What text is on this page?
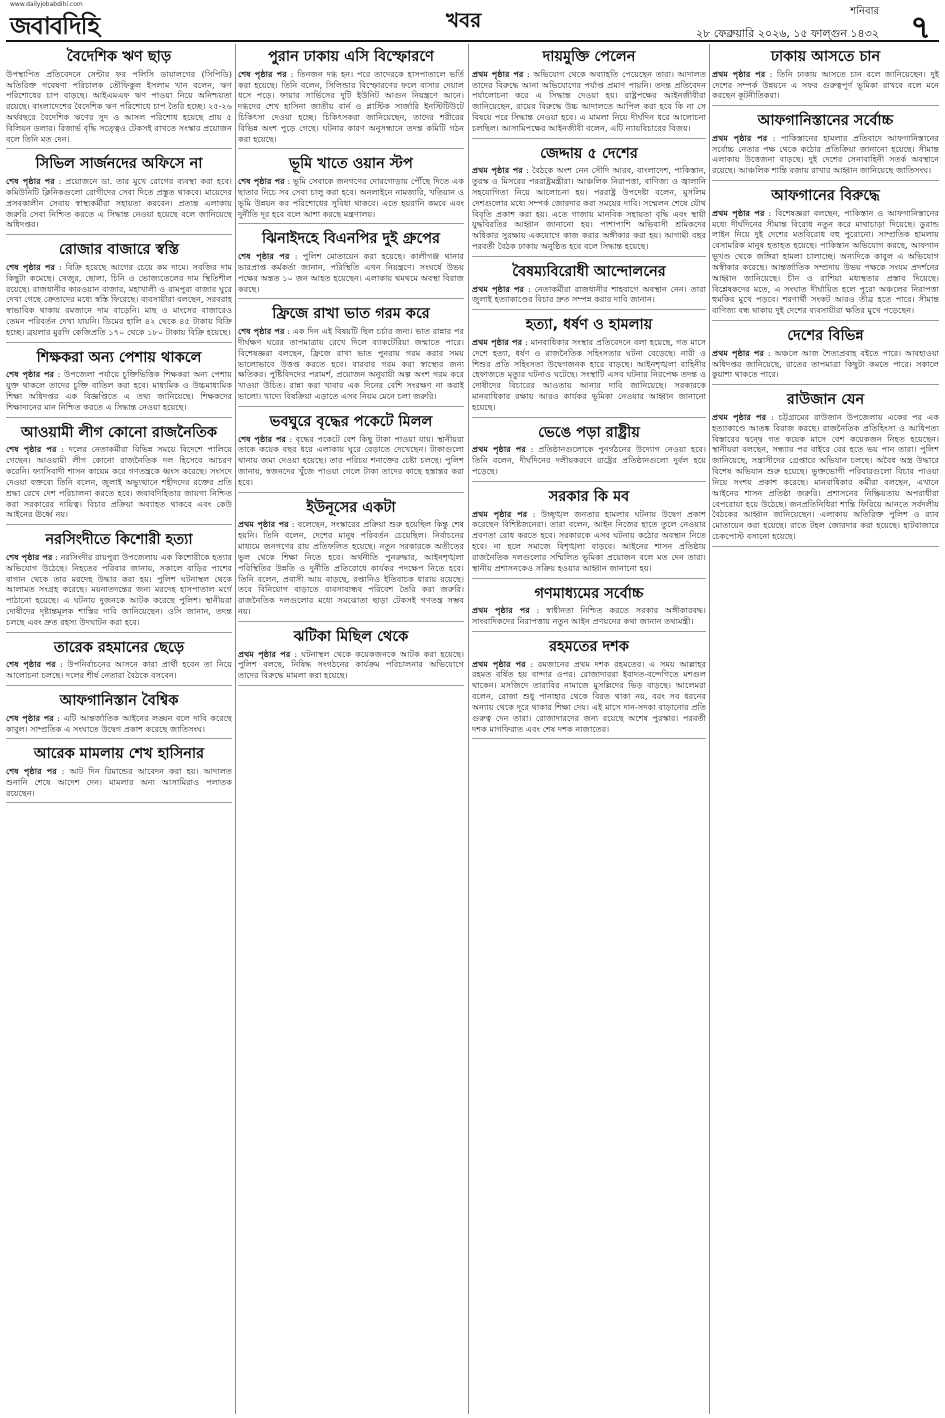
www.dailyjobabdihi.com
জবাবদিহি	খবর	শনিবার
২৮ ফেব্রুয়ারি ২০২৬, ১৫ ফাল্গুন ১৪৩২ ৭
বৈদেশিক ঋণ ছাড়
উপস্থাপিত প্রতিবেদনে সেন্টার ফর পলিসি ডায়ালগের (সিপিডি) অতিরিক্ত গবেষণা পরিচালক তৌফিকুল ইসলাম খান বলেন, ঋণ পরিশোধের চাপ বাড়ছে। আইএমএফ ঋণ পাওয়া নিয়ে অনিশ্চয়তা রয়েছে। বাংলাদেশের বৈদেশিক ঋণ পরিশোধে চাপ তৈরি হচ্ছে। ২৫-২৬ অর্থবছরে বৈদেশিক ঋণের সুদ ও আসল পরিশোধ হয়েছে প্রায় ৫ বিলিয়ন ডলার। রিজার্ভ বৃদ্ধি সত্ত্বেও টেকসই রাখতে সংস্কার প্রয়োজন বলে তিনি মত দেন।
সিভিল সার্জনদের অফিসে না
শেষ পৃষ্ঠার পর : প্রয়োজনে ডা. তার মুখে রোগের ব্যবস্থা করা হবে। কমিউনিটি ক্লিনিকগুলো রোগীদের সেবা দিতে প্রস্তুত থাকবে। মায়েদের প্রসবকালীন সেবায় স্বাস্থ্যকর্মীরা সহায়তা করবেন। প্রত্যন্ত এলাকায় জরুরি সেবা নিশ্চিত করতে এ সিদ্ধান্ত নেওয়া হয়েছে বলে জানিয়েছে অধিদপ্তর।
রোজার বাজারে স্বস্তি
শেষ পৃষ্ঠার পর : বিক্রি হয়েছে আগের চেয়ে কম দামে। সবজির দাম কিছুটা কমেছে। খেজুর, ছোলা, চিনি ও ভোজ্যতেলের দাম স্থিতিশীল রয়েছে। রাজধানীর কারওয়ান বাজার, মহাখালী ও রামপুরা বাজার ঘুরে দেখা গেছে ক্রেতাদের মধ্যে স্বস্তি ফিরেছে। ব্যবসায়ীরা বলছেন, সরবরাহ স্বাভাবিক থাকায় রমজানে দাম বাড়েনি। মাছ ও মাংসের বাজারেও তেমন পরিবর্তন দেখা যায়নি। ডিমের হালি ৪২ থেকে ৪৫ টাকায় বিক্রি হচ্ছে। ব্রয়লার মুরগি কেজিপ্রতি ১৭০ থেকে ১৮০ টাকায় বিক্রি হয়েছে।
শিক্ষকরা অন্য পেশায় থাকলে
শেষ পৃষ্ঠার পর : উপজেলা পর্যায়ে চুক্তিভিত্তিক শিক্ষকরা অন্য পেশায় যুক্ত থাকলে তাদের চুক্তি বাতিল করা হবে। মাধ্যমিক ও উচ্চমাধ্যমিক শিক্ষা অধিদপ্তর এক বিজ্ঞপ্তিতে এ তথ্য জানিয়েছে। শিক্ষকদের শিক্ষাদানের মান নিশ্চিত করতে এ সিদ্ধান্ত নেওয়া হয়েছে।
আওয়ামী লীগ কোনো রাজনৈতিক
শেষ পৃষ্ঠার পর : দলের নেতাকর্মীরা বিভিন্ন সময়ে বিদেশে পালিয়ে গেছেন। আওয়ামী লীগ কোনো রাজনৈতিক দল হিসেবে আচরণ করেনি। ফ্যাসিবাদী শাসন কায়েম করে গণতন্ত্রকে ধ্বংস করেছে। সংসদে দেওয়া বক্তব্যে তিনি বলেন, জুলাই অভ্যুত্থানে শহীদদের রক্তের প্রতি শ্রদ্ধা রেখে দেশ পরিচালনা করতে হবে। জবাবদিহিতার জায়গা নিশ্চিত করা সরকারের দায়িত্ব। বিচার প্রক্রিয়া অব্যাহত থাকবে এবং কেউ আইনের ঊর্ধ্বে নয়।
নরসিংদীতে কিশোরী হত্যা
শেষ পৃষ্ঠার পর : নরসিংদীর রায়পুরা উপজেলায় এক কিশোরীকে হত্যার অভিযোগ উঠেছে। নিহতের পরিবার জানায়, সকালে বাড়ির পাশের বাগান থেকে তার মরদেহ উদ্ধার করা হয়। পুলিশ ঘটনাস্থল থেকে আলামত সংগ্রহ করেছে। ময়নাতদন্তের জন্য মরদেহ হাসপাতাল মর্গে পাঠানো হয়েছে। এ ঘটনায় দুজনকে আটক করেছে পুলিশ। স্থানীয়রা দোষীদের দৃষ্টান্তমূলক শাস্তির দাবি জানিয়েছেন। ওসি জানান, তদন্ত চলছে এবং দ্রুত রহস্য উদঘাটন করা হবে।
তারেক রহমানের ছেড়ে
শেষ পৃষ্ঠার পর : উপনির্বাচনের আসনে কারা প্রার্থী হবেন তা নিয়ে আলোচনা চলছে। দলের শীর্ষ নেতারা বৈঠকে বসবেন।
আফগানিস্তান বৈশ্বিক
শেষ পৃষ্ঠার পর : এটি আন্তর্জাতিক আইনের লঙ্ঘন বলে দাবি করেছে কাবুল। সাম্প্রতিক এ সংঘাতে উদ্বেগ প্রকাশ করেছে জাতিসংঘ।
আরেক মামলায় শেখ হাসিনার
শেষ পৃষ্ঠার পর : আট দিন রিমান্ডের আবেদন করা হয়। আদালত শুনানি শেষে আদেশ দেন। মামলার অন্য আসামিরাও পলাতক রয়েছেন।
পুরান ঢাকায় এসি বিস্ফোরণে
শেষ পৃষ্ঠার পর : তিনজন দগ্ধ হন। পরে তাদেরকে হাসপাতালে ভর্তি করা হয়েছে। তিনি বলেন, সিলিন্ডার বিস্ফোরণের ফলে বাসার দেয়াল ধসে পড়ে। ফায়ার সার্ভিসের দুটি ইউনিট আগুন নিয়ন্ত্রণে আনে। দগ্ধদের শেখ হাসিনা জাতীয় বার্ন ও প্লাস্টিক সার্জারি ইনস্টিটিউটে চিকিৎসা দেওয়া হচ্ছে। চিকিৎসকরা জানিয়েছেন, তাদের শরীরের বিভিন্ন অংশ পুড়ে গেছে। ঘটনার কারণ অনুসন্ধানে তদন্ত কমিটি গঠন করা হয়েছে।
ভূমি খাতে ওয়ান স্টপ
শেষ পৃষ্ঠার পর : ভূমি সেবাকে জনগণের দোরগোড়ায় পৌঁছে দিতে এক ছাতার নিচে সব সেবা চালু করা হবে। অনলাইনে নামজারি, খতিয়ান ও ভূমি উন্নয়ন কর পরিশোধের সুবিধা থাকবে। এতে হয়রানি কমবে এবং দুর্নীতি দূর হবে বলে আশা করছে মন্ত্রণালয়।
ঝিনাইদহে বিএনপির দুই গ্রুপের
শেষ পৃষ্ঠার পর : পুলিশ মোতায়েন করা হয়েছে। কালীগঞ্জ থানার ভারপ্রাপ্ত কর্মকর্তা জানান, পরিস্থিতি এখন নিয়ন্ত্রণে। সংঘর্ষে উভয় পক্ষের অন্তত ১০ জন আহত হয়েছেন। এলাকায় থমথমে অবস্থা বিরাজ করছে।
ফ্রিজে রাখা ভাত গরম করে
শেষ পৃষ্ঠার পর : এক দিন এই বিষয়টি ছিল চর্চার জন্য। ভাত রান্নার পর দীর্ঘক্ষণ ঘরের তাপমাত্রায় রেখে দিলে ব্যাকটেরিয়া জন্মাতে পারে। বিশেষজ্ঞরা বলছেন, ফ্রিজে রাখা ভাত পুনরায় গরম করার সময় ভালোভাবে উত্তপ্ত করতে হবে। বারবার গরম করা স্বাস্থ্যের জন্য ক্ষতিকর। পুষ্টিবিদদের পরামর্শ, প্রয়োজন অনুযায়ী অল্প অংশ গরম করে খাওয়া উচিত। রান্না করা খাবার এক দিনের বেশি সংরক্ষণ না করাই ভালো। খাদ্যে বিষক্রিয়া এড়াতে এসব নিয়ম মেনে চলা জরুরি।
ভবঘুরে বৃদ্ধের পকেটে মিলল
শেষ পৃষ্ঠার পর : বৃদ্ধের পকেটে বেশ কিছু টাকা পাওয়া যায়। স্থানীয়রা তাকে কয়েক বছর ধরে এলাকায় ঘুরে বেড়াতে দেখেছেন। টাকাগুলো থানায় জমা দেওয়া হয়েছে। তার পরিচয় শনাক্তের চেষ্টা চলছে। পুলিশ জানায়, স্বজনদের খুঁজে পাওয়া গেলে টাকা তাদের কাছে হস্তান্তর করা হবে।
ইউনূসের একটা
প্রথম পৃষ্ঠার পর : বলেছেন, সংস্কারের প্রক্রিয়া শুরু হয়েছিল কিন্তু শেষ হয়নি। তিনি বলেন, দেশের মানুষ পরিবর্তন চেয়েছিল। নির্বাচনের মাধ্যমে জনগণের রায় প্রতিফলিত হয়েছে। নতুন সরকারকে অতীতের ভুল থেকে শিক্ষা নিতে হবে। অর্থনীতি পুনরুদ্ধার, আইনশৃঙ্খলা পরিস্থিতির উন্নতি ও দুর্নীতি প্রতিরোধে কার্যকর পদক্ষেপ নিতে হবে। তিনি বলেন, প্রবাসী আয় বাড়ছে, রপ্তানিও ইতিবাচক ধারায় রয়েছে। তবে বিনিয়োগ বাড়াতে ব্যবসাবান্ধব পরিবেশ তৈরি করা জরুরি। রাজনৈতিক দলগুলোর মধ্যে সমঝোতা ছাড়া টেকসই গণতন্ত্র সম্ভব নয়।
ঝটিকা মিছিল থেকে
প্রথম পৃষ্ঠার পর : ঘটনাস্থল থেকে কয়েকজনকে আটক করা হয়েছে। পুলিশ বলছে, নিষিদ্ধ সংগঠনের কার্যক্রম পরিচালনার অভিযোগে তাদের বিরুদ্ধে মামলা করা হয়েছে।
দায়মুক্তি পেলেন
প্রথম পৃষ্ঠার পর : অভিযোগ থেকে অব্যাহতি পেয়েছেন তারা। আদালত তাদের বিরুদ্ধে আনা অভিযোগের পর্যাপ্ত প্রমাণ পায়নি। তদন্ত প্রতিবেদন পর্যালোচনা করে এ সিদ্ধান্ত দেওয়া হয়। রাষ্ট্রপক্ষের আইনজীবীরা জানিয়েছেন, রায়ের বিরুদ্ধে উচ্চ আদালতে আপিল করা হবে কি না সে বিষয়ে পরে সিদ্ধান্ত নেওয়া হবে। এ মামলা নিয়ে দীর্ঘদিন ধরে আলোচনা চলছিল। আসামিপক্ষের আইনজীবী বলেন, এটি ন্যায়বিচারের বিজয়।
জেদ্দায় ৫ দেশের
প্রথম পৃষ্ঠার পর : বৈঠকে অংশ নেন সৌদি আরব, বাংলাদেশ, পাকিস্তান, তুরস্ক ও মিসরের পররাষ্ট্রমন্ত্রীরা। আঞ্চলিক নিরাপত্তা, বাণিজ্য ও জ্বালানি সহযোগিতা নিয়ে আলোচনা হয়। পররাষ্ট্র উপদেষ্টা বলেন, মুসলিম দেশগুলোর মধ্যে সম্পর্ক জোরদার করা সময়ের দাবি। সম্মেলন শেষে যৌথ বিবৃতি প্রকাশ করা হয়। এতে গাজায় মানবিক সহায়তা বৃদ্ধি এবং স্থায়ী যুদ্ধবিরতির আহ্বান জানানো হয়। পাশাপাশি অভিবাসী শ্রমিকদের অধিকার সুরক্ষায় একযোগে কাজ করার অঙ্গীকার করা হয়। আগামী বছর পরবর্তী বৈঠক ঢাকায় অনুষ্ঠিত হবে বলে সিদ্ধান্ত হয়েছে।
বৈষম্যবিরোধী আন্দোলনের
প্রথম পৃষ্ঠার পর : নেতাকর্মীরা রাজধানীর শাহবাগে অবস্থান নেন। তারা জুলাই হত্যাকাণ্ডের বিচার দ্রুত সম্পন্ন করার দাবি জানান।
হত্যা, ধর্ষণ ও হামলায়
প্রথম পৃষ্ঠার পর : মানবাধিকার সংস্থার প্রতিবেদনে বলা হয়েছে, গত মাসে দেশে হত্যা, ধর্ষণ ও রাজনৈতিক সহিংসতার ঘটনা বেড়েছে। নারী ও শিশুর প্রতি সহিংসতা উদ্বেগজনক হারে বাড়ছে। আইনশৃঙ্খলা বাহিনীর হেফাজতে মৃত্যুর ঘটনাও ঘটেছে। সংস্থাটি এসব ঘটনার নিরপেক্ষ তদন্ত ও দোষীদের বিচারের আওতায় আনার দাবি জানিয়েছে। সরকারকে মানবাধিকার রক্ষায় আরও কার্যকর ভূমিকা নেওয়ার আহ্বান জানানো হয়েছে।
ভেঙে পড়া রাষ্ট্রীয়
প্রথম পৃষ্ঠার পর : প্রতিষ্ঠানগুলোকে পুনর্গঠনের উদ্যোগ নেওয়া হবে। তিনি বলেন, দীর্ঘদিনের দলীয়করণে রাষ্ট্রের প্রতিষ্ঠানগুলো দুর্বল হয়ে পড়েছে।
সরকার কি মব
প্রথম পৃষ্ঠার পর : উচ্ছৃঙ্খল জনতার হামলার ঘটনায় উদ্বেগ প্রকাশ করেছেন বিশিষ্টজনেরা। তারা বলেন, আইন নিজের হাতে তুলে নেওয়ার প্রবণতা রোধ করতে হবে। সরকারকে এসব ঘটনায় কঠোর অবস্থান নিতে হবে। না হলে সমাজে বিশৃঙ্খলা বাড়বে। আইনের শাসন প্রতিষ্ঠায় রাজনৈতিক দলগুলোর সম্মিলিত ভূমিকা প্রয়োজন বলে মত দেন তারা। স্থানীয় প্রশাসনকেও সক্রিয় হওয়ার আহ্বান জানানো হয়।
গণমাধ্যমের সর্বোচ্চ
প্রথম পৃষ্ঠার পর : স্বাধীনতা নিশ্চিত করতে সরকার অঙ্গীকারবদ্ধ। সাংবাদিকদের নিরাপত্তায় নতুন আইন প্রণয়নের কথা জানান তথ্যমন্ত্রী।
রহমতের দশক
প্রথম পৃষ্ঠার পর : রমজানের প্রথম দশক রহমতের। এ সময় আল্লাহর রহমত বর্ষিত হয় বান্দার ওপর। রোজাদাররা ইবাদত-বন্দেগিতে মশগুল থাকেন। মসজিদে তারাবির নামাজে মুসল্লিদের ভিড় বাড়ছে। আলেমরা বলেন, রোজা শুধু পানাহার থেকে বিরত থাকা নয়, বরং সব ধরনের অন্যায় থেকে দূরে থাকার শিক্ষা দেয়। এই মাসে দান-সদকা বাড়ানোর প্রতি গুরুত্ব দেন তারা। রোজাদারদের জন্য রয়েছে অশেষ পুরস্কার। পরবর্তী দশক মাগফিরাত এবং শেষ দশক নাজাতের।
ঢাকায় আসতে চান
প্রথম পৃষ্ঠার পর : তিনি ঢাকায় আসতে চান বলে জানিয়েছেন। দুই দেশের সম্পর্ক উন্নয়নে এ সফর গুরুত্বপূর্ণ ভূমিকা রাখবে বলে মনে করছেন কূটনীতিকরা।
আফগানিস্তানের সর্বোচ্চ
প্রথম পৃষ্ঠার পর : পাকিস্তানের হামলার প্রতিবাদে আফগানিস্তানের সর্বোচ্চ নেতার পক্ষ থেকে কঠোর প্রতিক্রিয়া জানানো হয়েছে। সীমান্ত এলাকায় উত্তেজনা বাড়ছে। দুই দেশের সেনাবাহিনী সতর্ক অবস্থানে রয়েছে। আঞ্চলিক শান্তি বজায় রাখার আহ্বান জানিয়েছে জাতিসংঘ।
আফগানের বিরুদ্ধে
প্রথম পৃষ্ঠার পর : বিশেষজ্ঞরা বলছেন, পাকিস্তান ও আফগানিস্তানের মধ্যে দীর্ঘদিনের সীমান্ত বিরোধ নতুন করে মাথাচাড়া দিয়েছে। ডুরান্ড লাইন নিয়ে দুই দেশের মতবিরোধ বহু পুরোনো। সাম্প্রতিক হামলায় বেসামরিক মানুষ হতাহত হয়েছে। পাকিস্তান অভিযোগ করছে, আফগান ভূখণ্ড থেকে জঙ্গিরা হামলা চালাচ্ছে। অন্যদিকে কাবুল এ অভিযোগ অস্বীকার করেছে। আন্তর্জাতিক সম্প্রদায় উভয় পক্ষকে সংযম প্রদর্শনের আহ্বান জানিয়েছে। চীন ও রাশিয়া মধ্যস্থতার প্রস্তাব দিয়েছে। বিশ্লেষকদের মতে, এ সংঘাত দীর্ঘায়িত হলে পুরো অঞ্চলের নিরাপত্তা হুমকির মুখে পড়বে। শরণার্থী সংকট আরও তীব্র হতে পারে। সীমান্ত বাণিজ্য বন্ধ থাকায় দুই দেশের ব্যবসায়ীরা ক্ষতির মুখে পড়েছেন।
দেশের বিভিন্ন
প্রথম পৃষ্ঠার পর : অঞ্চলে আজ শৈত্যপ্রবাহ বইতে পারে। আবহাওয়া অধিদপ্তর জানিয়েছে, রাতের তাপমাত্রা কিছুটা কমতে পারে। সকালে কুয়াশা থাকতে পারে।
রাউজান যেন
প্রথম পৃষ্ঠার পর : চট্টগ্রামের রাউজান উপজেলায় একের পর এক হত্যাকাণ্ডে আতঙ্ক বিরাজ করছে। রাজনৈতিক প্রতিহিংসা ও আধিপত্য বিস্তারের দ্বন্দ্বে গত কয়েক মাসে বেশ কয়েকজন নিহত হয়েছেন। স্থানীয়রা বলছেন, সন্ধ্যার পর বাইরে বের হতে ভয় পান তারা। পুলিশ জানিয়েছে, সন্ত্রাসীদের গ্রেপ্তারে অভিযান চলছে। অবৈধ অস্ত্র উদ্ধারে বিশেষ অভিযান শুরু হয়েছে। ভুক্তভোগী পরিবারগুলো বিচার পাওয়া নিয়ে সংশয় প্রকাশ করেছে। মানবাধিকার কর্মীরা বলছেন, এখানে আইনের শাসন প্রতিষ্ঠা জরুরি। প্রশাসনের নিষ্ক্রিয়তায় অপরাধীরা বেপরোয়া হয়ে উঠেছে। জনপ্রতিনিধিরা শান্তি ফিরিয়ে আনতে সর্বদলীয় বৈঠকের আহ্বান জানিয়েছেন। এলাকায় অতিরিক্ত পুলিশ ও র‍্যাব মোতায়েন করা হয়েছে। রাতে টহল জোরদার করা হয়েছে। হাটবাজারে চেকপোস্ট বসানো হয়েছে।
